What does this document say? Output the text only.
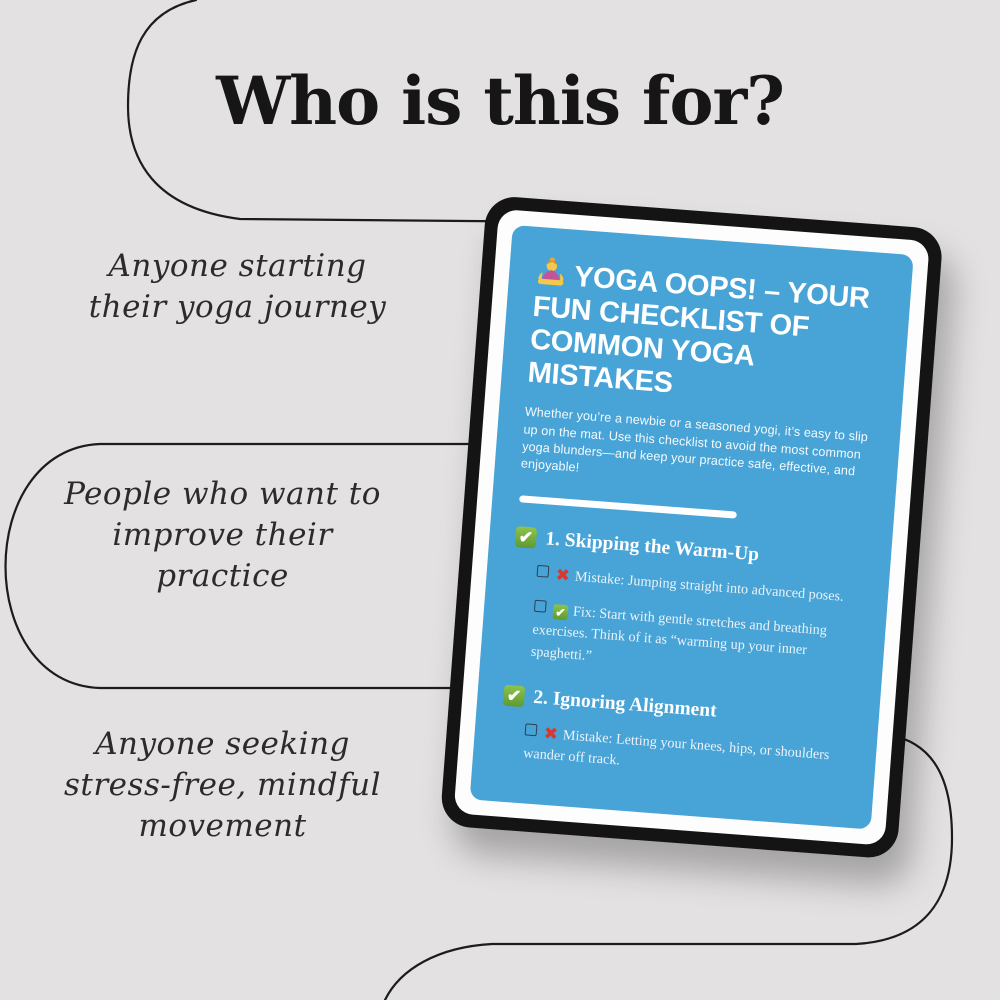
Who is this for?
Anyone starting their yoga journey
People who want to improve their practice
Anyone seeking stress-free, mindful movement
YOGA OOPS! – YOUR FUN CHECKLIST OF COMMON YOGA MISTAKES

Whether you’re a newbie or a seasoned yogi, it’s easy to slip up on the mat. Use this checklist to avoid the most common yoga blunders—and keep your practice safe, effective, and enjoyable!

✔ 1. Skipping the Warm-Up

✖ Mistake: Jumping straight into advanced poses.

✔ Fix: Start with gentle stretches and breathing exercises. Think of it as “warming up your inner spaghetti.”

✔ 2. Ignoring Alignment

✖ Mistake: Letting your knees, hips, or shoulders wander off track.
